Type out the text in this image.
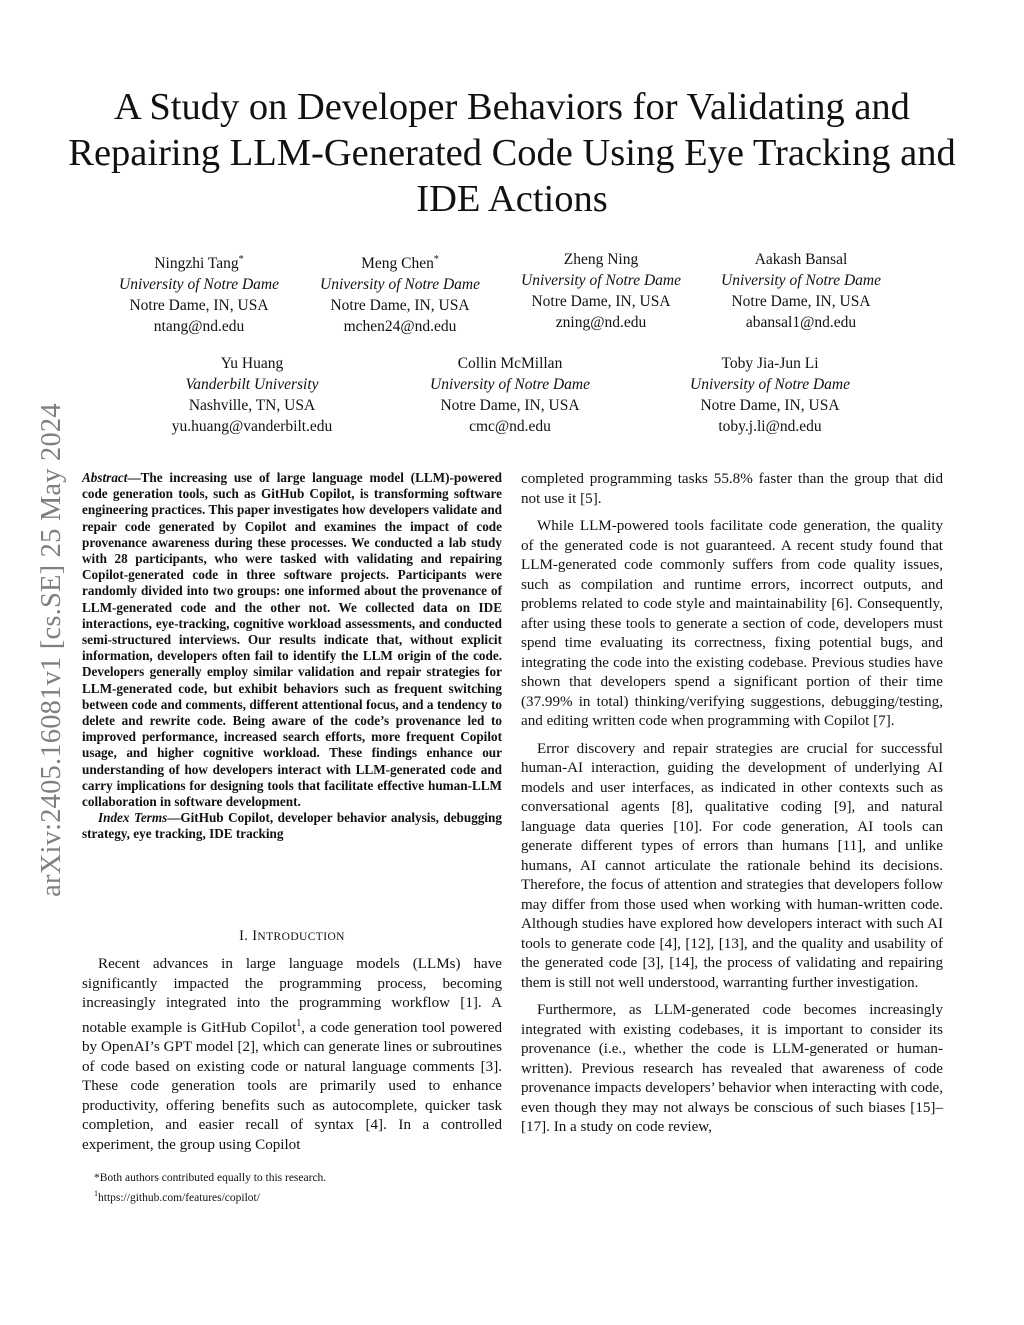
A Study on Developer Behaviors for Validating and Repairing LLM-Generated Code Using Eye Tracking and IDE Actions
arXiv:2405.16081v1 [cs.SE] 25 May 2024
Ningzhi Tang*
University of Notre Dame
Notre Dame, IN, USA
ntang@nd.edu
Meng Chen*
University of Notre Dame
Notre Dame, IN, USA
mchen24@nd.edu
Zheng Ning
University of Notre Dame
Notre Dame, IN, USA
zning@nd.edu
Aakash Bansal
University of Notre Dame
Notre Dame, IN, USA
abansal1@nd.edu
Yu Huang
Vanderbilt University
Nashville, TN, USA
yu.huang@vanderbilt.edu
Collin McMillan
University of Notre Dame
Notre Dame, IN, USA
cmc@nd.edu
Toby Jia-Jun Li
University of Notre Dame
Notre Dame, IN, USA
toby.j.li@nd.edu

Abstract—The increasing use of large language model (LLM)-powered code generation tools, such as GitHub Copilot, is transforming software engineering practices. This paper investigates how developers validate and repair code generated by Copilot and examines the impact of code provenance awareness during these processes. We conducted a lab study with 28 participants, who were tasked with validating and repairing Copilot-generated code in three software projects. Participants were randomly divided into two groups: one informed about the provenance of LLM-generated code and the other not. We collected data on IDE interactions, eye-tracking, cognitive workload assessments, and conducted semi-structured interviews. Our results indicate that, without explicit information, developers often fail to identify the LLM origin of the code. Developers generally employ similar validation and repair strategies for LLM-generated code, but exhibit behaviors such as frequent switching between code and comments, different attentional focus, and a tendency to delete and rewrite code. Being aware of the code’s provenance led to improved performance, increased search efforts, more frequent Copilot usage, and higher cognitive workload. These findings enhance our understanding of how developers interact with LLM-generated code and carry implications for designing tools that facilitate effective human-LLM collaboration in software development.

Index Terms—GitHub Copilot, developer behavior analysis, debugging strategy, eye tracking, IDE tracking

I. INTRODUCTION

Recent advances in large language models (LLMs) have significantly impacted the programming process, becoming increasingly integrated into the programming workflow [1]. A notable example is GitHub Copilot$^1$, a code generation tool powered by OpenAI’s GPT model [2], which can generate lines or subroutines of code based on existing code or natural language comments [3]. These code generation tools are primarily used to enhance productivity, offering benefits such as autocomplete, quicker task completion, and easier recall of syntax [4]. In a controlled experiment, the group using Copilot

*Both authors contributed equally to this research.

$^1$https://github.com/features/copilot/

completed programming tasks 55.8% faster than the group that did not use it [5].

While LLM-powered tools facilitate code generation, the quality of the generated code is not guaranteed. A recent study found that LLM-generated code commonly suffers from code quality issues, such as compilation and runtime errors, incorrect outputs, and problems related to code style and maintainability [6]. Consequently, after using these tools to generate a section of code, developers must spend time evaluating its correctness, fixing potential bugs, and integrating the code into the existing codebase. Previous studies have shown that developers spend a significant portion of their time (37.99% in total) thinking/verifying suggestions, debugging/testing, and editing written code when programming with Copilot [7].

Error discovery and repair strategies are crucial for successful human-AI interaction, guiding the development of underlying AI models and user interfaces, as indicated in other contexts such as conversational agents [8], qualitative coding [9], and natural language data queries [10]. For code generation, AI tools can generate different types of errors than humans [11], and unlike humans, AI cannot articulate the rationale behind its decisions. Therefore, the focus of attention and strategies that developers follow may differ from those used when working with human-written code. Although studies have explored how developers interact with such AI tools to generate code [4], [12], [13], and the quality and usability of the generated code [3], [14], the process of validating and repairing them is still not well understood, warranting further investigation.

Furthermore, as LLM-generated code becomes increasingly integrated with existing codebases, it is important to consider its provenance (i.e., whether the code is LLM-generated or human-written). Previous research has revealed that awareness of code provenance impacts developers’ behavior when interacting with code, even though they may not always be conscious of such biases [15]–[17]. In a study on code review,
